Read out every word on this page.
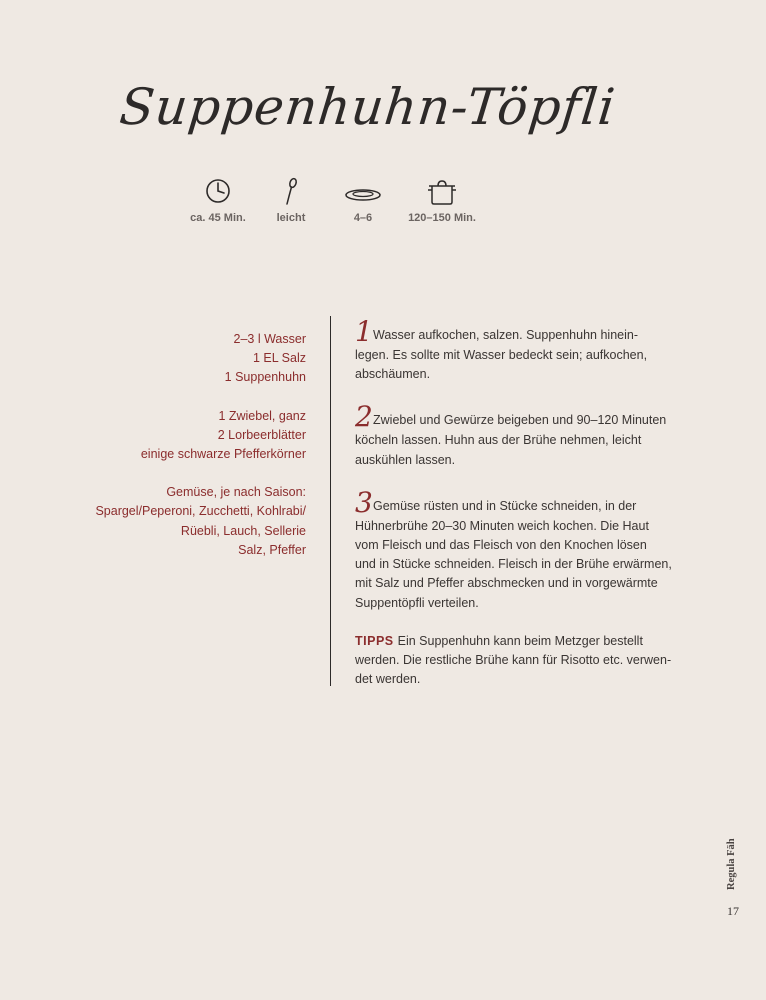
Suppenhuhn-Töpfli
ca. 45 Min.	leicht	4–6	120–150 Min.
2–3 l Wasser
1 EL Salz
1 Suppenhuhn
1 Zwiebel, ganz
2 Lorbeerblätter
einige schwarze Pfefferkörner
Gemüse, je nach Saison:
Spargel/Peperoni, Zucchetti, Kohlrabi/
Rüebli, Lauch, Sellerie
Salz, Pfeffer
1Wasser aufkochen, salzen. Suppenhuhn hinein-
legen. Es sollte mit Wasser bedeckt sein; aufkochen,
abschäumen.
2Zwiebel und Gewürze beigeben und 90–120 Minuten
köcheln lassen. Huhn aus der Brühe nehmen, leicht
auskühlen lassen.
3Gemüse rüsten und in Stücke schneiden, in der
Hühnerbrühe 20–30 Minuten weich kochen. Die Haut
vom Fleisch und das Fleisch von den Knochen lösen
und in Stücke schneiden. Fleisch in der Brühe erwärmen,
mit Salz und Pfeffer abschmecken und in vorgewärmte
Suppentöpfli verteilen.
TIPPS Ein Suppenhuhn kann beim Metzger bestellt
werden. Die restliche Brühe kann für Risotto etc. verwen-
det werden.
Regula Fäh
17
